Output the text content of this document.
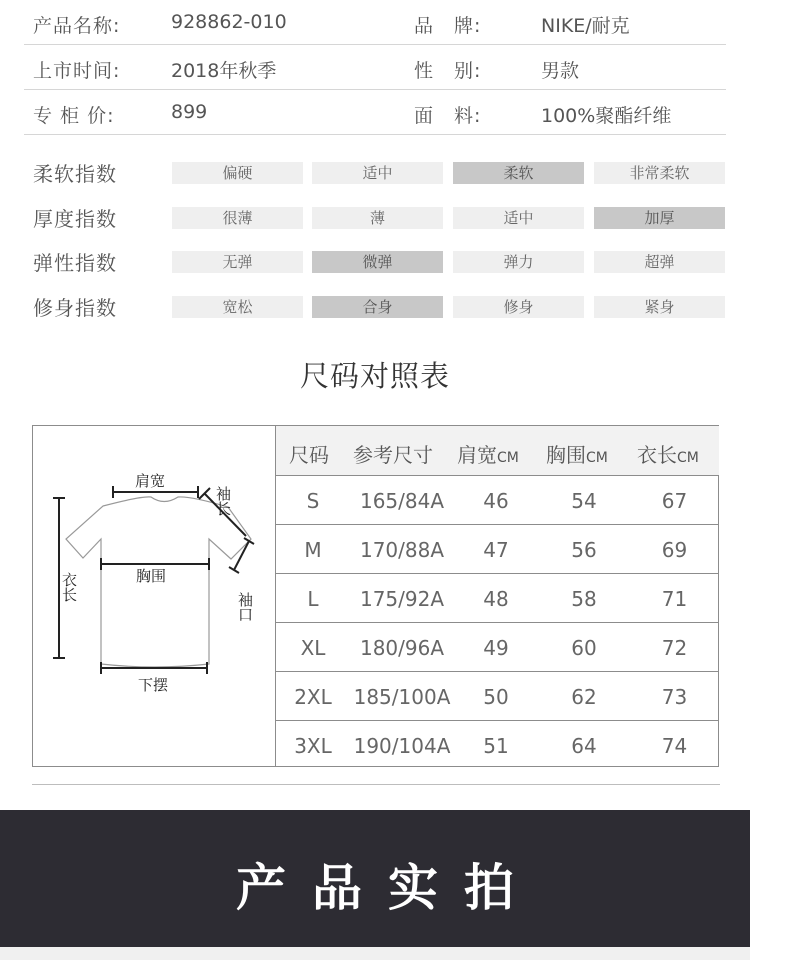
产品名称:	928862-010	品　牌:	NIKE/耐克
上市时间:	2018年秋季	性　别:	男款
专 柜 价:	899	面　料:	100%聚酯纤维
柔软指数	偏硬	适中	柔软	非常柔软
厚度指数	很薄	薄	适中	加厚
弹性指数	无弹	微弹	弹力	超弹
修身指数	宽松	合身	修身	紧身
尺码对照表
肩宽
胸围
下摆
袖长
衣长
袖口
尺码 参考尺寸 肩宽CM 胸围CM 衣长CM
S	165/84A	46	54	67
M	170/88A	47	56	69
L	175/92A	48	58	71
XL	180/96A	49	60	72
2XL	185/100A	50	62	73
3XL	190/104A	51	64	74
产品实拍
